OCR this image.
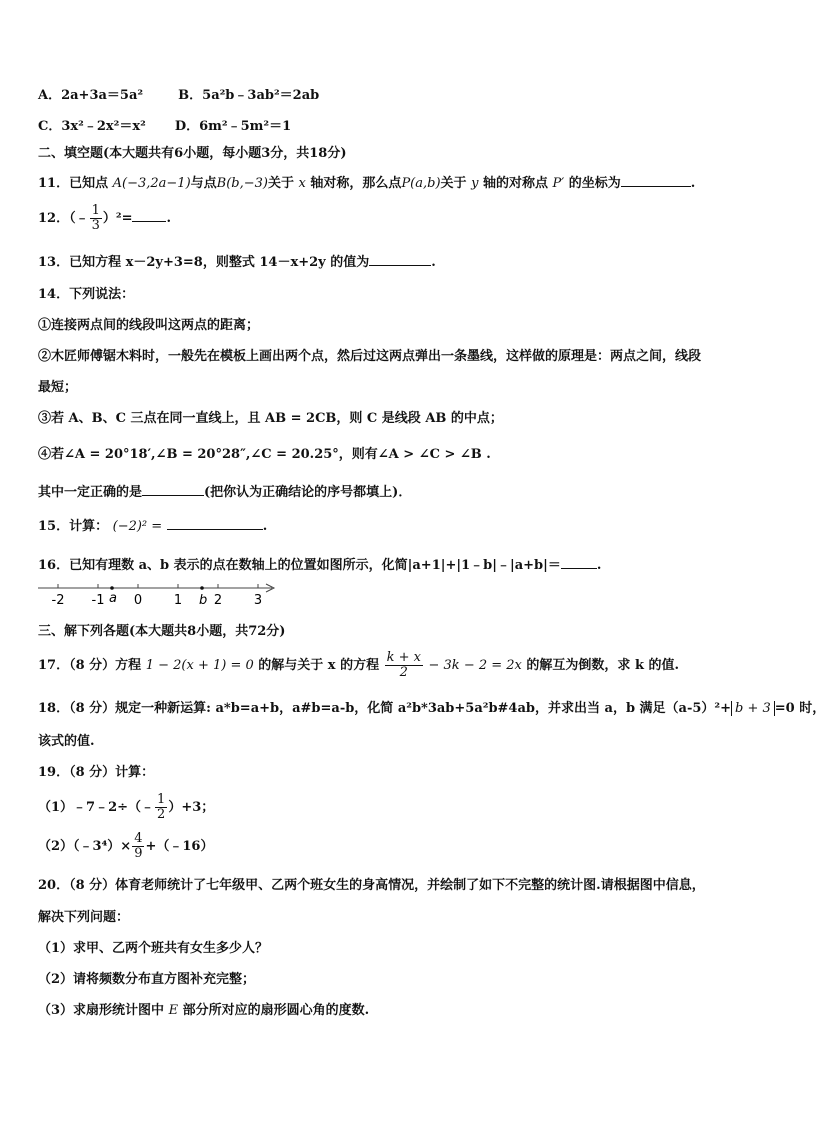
A．2a+3a＝5a²	B．5a²b﹣3ab²＝2ab
C．3x²﹣2x²＝x² D．6m²﹣5m²＝1
二、填空题(本大题共有6小题，每小题3分，共18分)
11．已知点 A(−3,2a−1)与点B(b,−3)关于 x 轴对称，那么点P(a,b)关于 y 轴的对称点 P′ 的坐标为	.
12．（﹣ $\frac{1}{3} )^2=$	.
13．已知方程 x－2y+3=8，则整式 14－x+2y 的值为	.
14．下列说法：
①连接两点间的线段叫这两点的距离；
②木匠师傅锯木料时，一般先在模板上画出两个点，然后过这两点弹出一条墨线，这样做的原理是：两点之间，线段
最短；
③若 A、B、C 三点在同一直线上，且 AB = 2CB，则 C 是线段 AB 的中点；
④若∠A = 20°18′,∠B = 20°28″,∠C = 20.25°，则有∠A > ∠C > ∠B .
其中一定正确的是	(把你认为正确结论的序号都填上)．
15．计算： (−2)² =	.
16．已知有理数 a、b 表示的点在数轴上的位置如图所示，化简|a+1|+|1﹣b|﹣|a+b|＝	.
-2 -1 0 1 2 3
a	b
三、解下列各题(本大题共8小题，共72分)
17．（8 分）方程 1 − 2(x + 1) = 0 的解与关于 x 的方程 $\frac{k + x}{2} - 3k - 2 = 2x$ 的解互为倒数，求 k 的值.
18．（8 分）规定一种新运算: a*b=a+b，a#b=a-b，化简 a²b*3ab+5a²b#4ab，并求出当 a，b 满足（a-5）²+ b + 3 =0 时，
该式的值.
19．（8 分）计算：
（1）﹣7﹣2÷（﹣ $\frac{1}{2} )+3$；
（2）（﹣3⁴）× $\frac{4}{9}$ +（﹣16）
20．（8 分）体育老师统计了七年级甲、乙两个班女生的身高情况，并绘制了如下不完整的统计图.请根据图中信息，
解决下列问题：
（1）求甲、乙两个班共有女生多少人？
（2）请将频数分布直方图补充完整；
（3）求扇形统计图中 E 部分所对应的扇形圆心角的度数.
